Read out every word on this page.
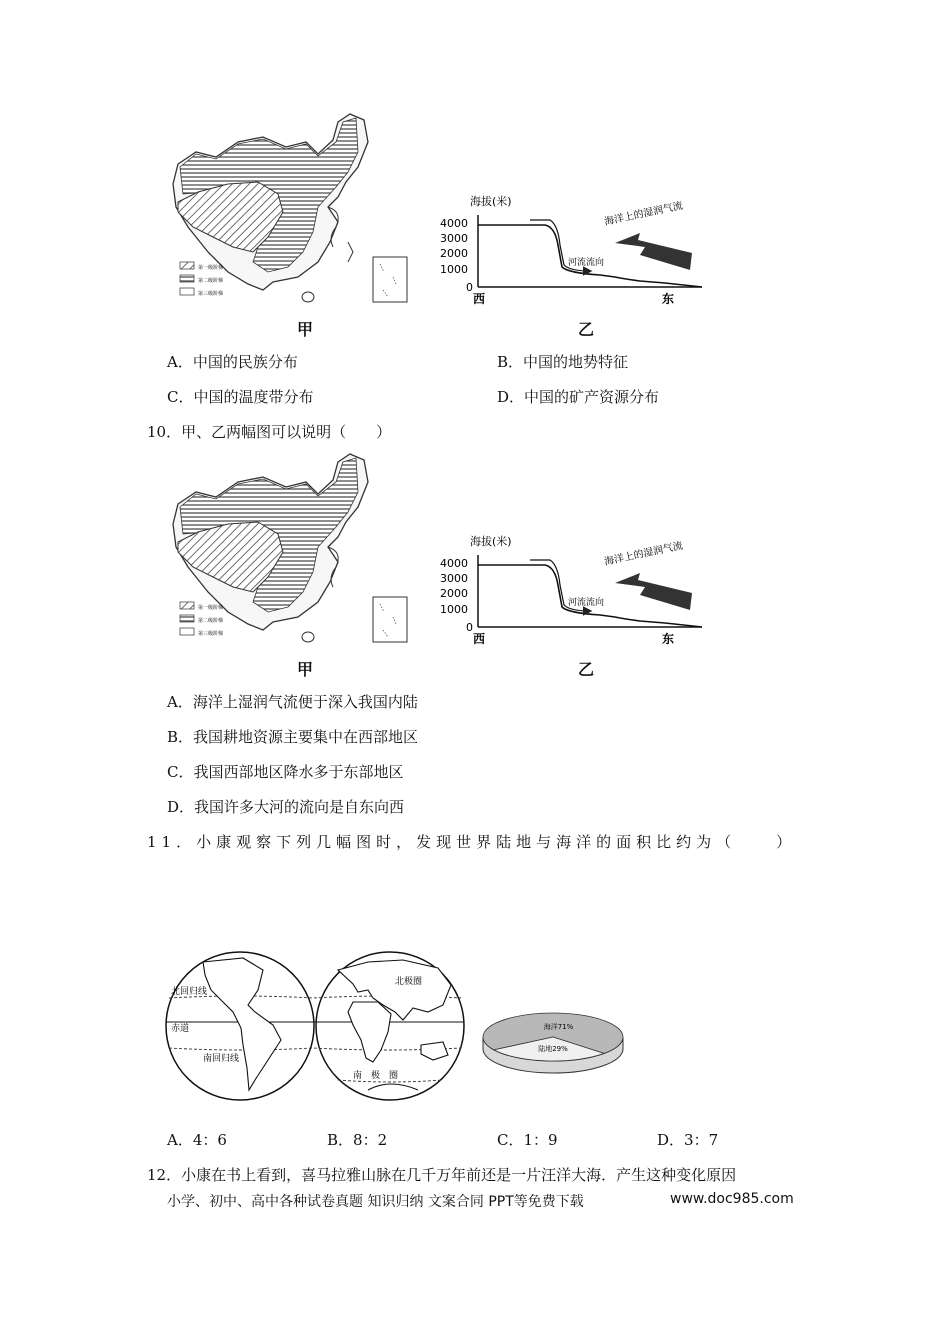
第一级阶梯
第二级阶梯
第三级阶梯
甲
海拔(米)
4000
3000
2000
1000
0
河流流向
海洋上的湿润气流
西	东
乙
A．中国的民族分布	B．中国的地势特征
C．中国的温度带分布	D．中国的矿产资源分布
10．甲、乙两幅图可以说明（　　）
第一级阶梯
第二级阶梯
第三级阶梯
甲
海拔(米)
4000
3000
2000
1000
0
河流流向
海洋上的湿润气流
西	东
乙
A．海洋上湿润气流便于深入我国内陆
B．我国耕地资源主要集中在西部地区
C．我国西部地区降水多于东部地区
D．我国许多大河的流向是自东向西
11．小康观察下列几幅图时，发现世界陆地与海洋的面积比约为（　　）
北回归线
赤道
南回归线
北极圈
南　极　圈
海洋71%
陆地29%
A．4：6	B．8：2	C．1：9	D．3：7
12．小康在书上看到，喜马拉雅山脉在几千万年前还是一片汪洋大海．产生这种变化原因
小学、初中、高中各种试卷真题 知识归纳 文案合同 PPT等免费下载	www.doc985.com
